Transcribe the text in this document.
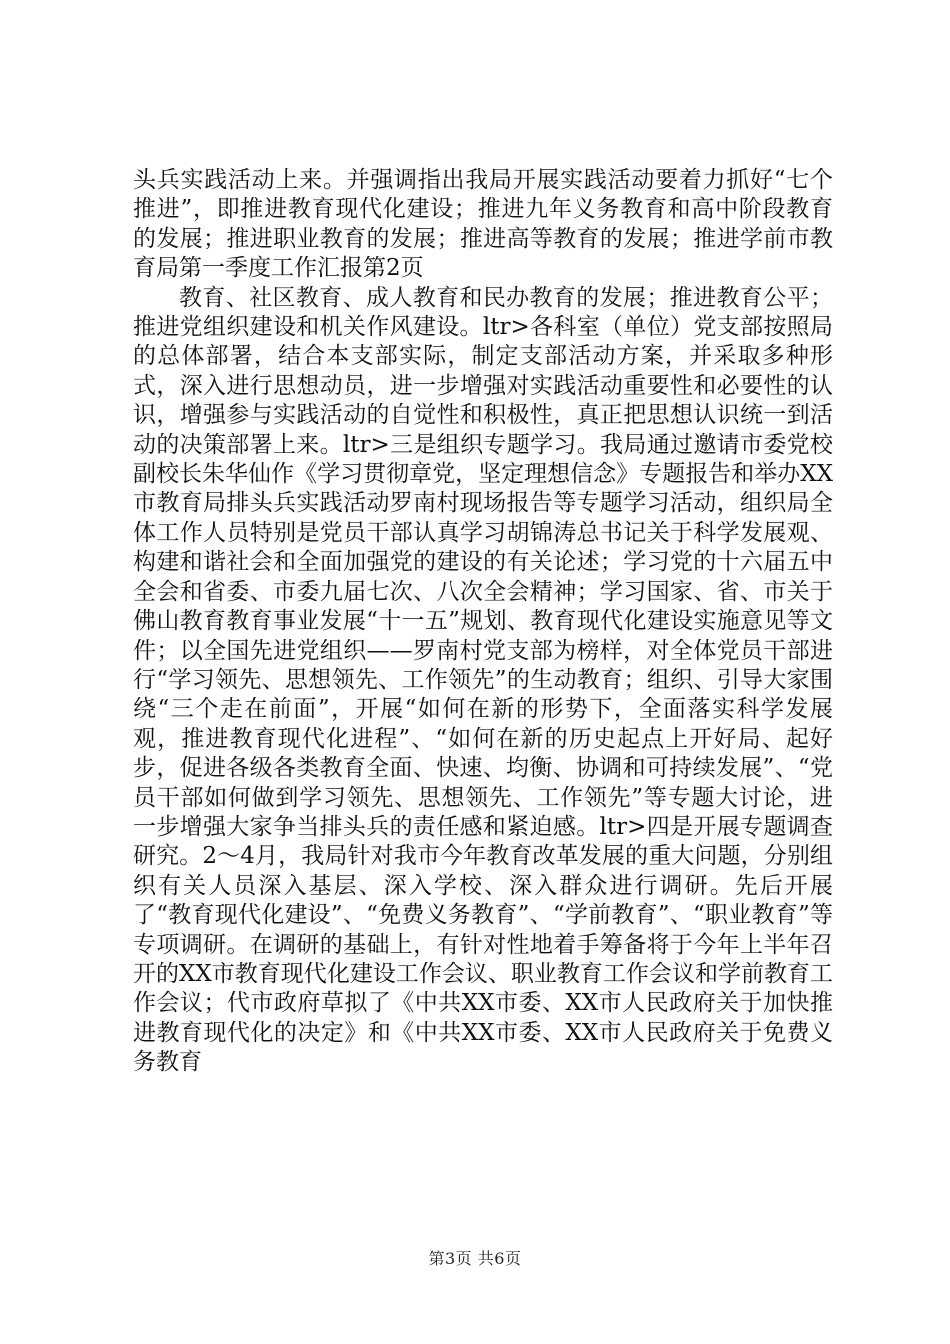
头兵实践活动上来。并强调指出我局开展实践活动要着力抓好“七个推进”，即推进教育现代化建设；推进九年义务教育和高中阶段教育的发展；推进职业教育的发展；推进高等教育的发展；推进学前市教育局第一季度工作汇报第2页

教育、社区教育、成人教育和民办教育的发展；推进教育公平；推进党组织建设和机关作风建设。ltr>各科室（单位）党支部按照局的总体部署，结合本支部实际，制定支部活动方案，并采取多种形式，深入进行思想动员，进一步增强对实践活动重要性和必要性的认识，增强参与实践活动的自觉性和积极性，真正把思想认识统一到活动的决策部署上来。ltr>三是组织专题学习。我局通过邀请市委党校副校长朱华仙作《学习贯彻章党，坚定理想信念》专题报告和举办XX市教育局排头兵实践活动罗南村现场报告等专题学习活动，组织局全体工作人员特别是党员干部认真学习胡锦涛总书记关于科学发展观、构建和谐社会和全面加强党的建设的有关论述；学习党的十六届五中全会和省委、市委九届七次、八次全会精神；学习国家、省、市关于佛山教育教育事业发展“十一五”规划、教育现代化建设实施意见等文件；以全国先进党组织——罗南村党支部为榜样，对全体党员干部进行“学习领先、思想领先、工作领先”的生动教育；组织、引导大家围绕“三个走在前面”，开展“如何在新的形势下，全面落实科学发展观，推进教育现代化进程”、“如何在新的历史起点上开好局、起好步，促进各级各类教育全面、快速、均衡、协调和可持续发展”、“党员干部如何做到学习领先、思想领先、工作领先”等专题大讨论，进一步增强大家争当排头兵的责任感和紧迫感。ltr>四是开展专题调查研究。2～4月，我局针对我市今年教育改革发展的重大问题，分别组织有关人员深入基层、深入学校、深入群众进行调研。先后开展了“教育现代化建设”、“免费义务教育”、“学前教育”、“职业教育”等专项调研。在调研的基础上，有针对性地着手筹备将于今年上半年召开的XX市教育现代化建设工作会议、职业教育工作会议和学前教育工作会议；代市政府草拟了《中共XX市委、XX市人民政府关于加快推进教育现代化的决定》和《中共XX市委、XX市人民政府关于免费义务教育

第3页 共6页
